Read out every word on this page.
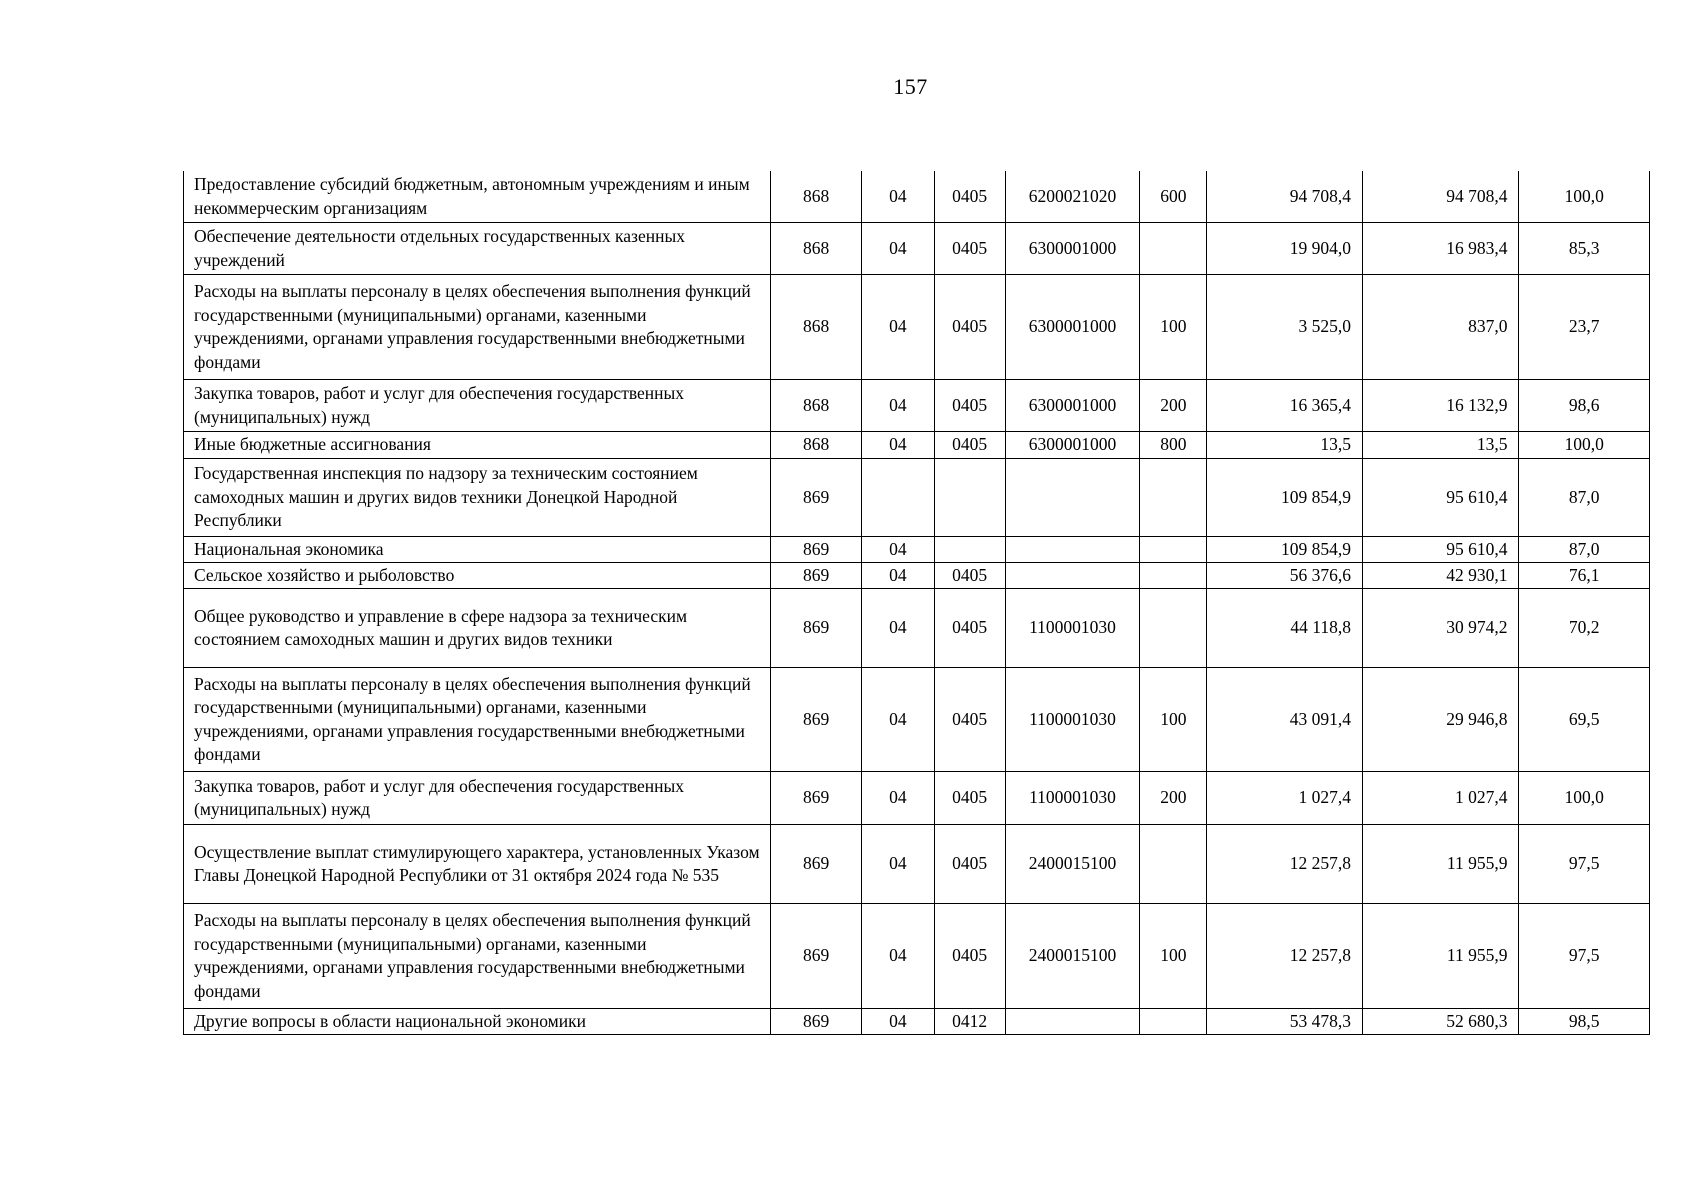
157
Предоставление субсидий бюджетным, автономным учреждениям и иным некоммерческим организациям	868	04	0405	6200021020	600	94 708,4	94 708,4	100,0
Обеспечение деятельности отдельных государственных казенных учреждений	868	04	0405	6300001000		19 904,0	16 983,4	85,3
Расходы на выплаты персоналу в целях обеспечения выполнения функций государственными (муниципальными) органами, казенными учреждениями, органами управления государственными внебюджетными фондами	868	04	0405	6300001000	100	3 525,0	837,0	23,7
Закупка товаров, работ и услуг для обеспечения государственных (муниципальных) нужд	868	04	0405	6300001000	200	16 365,4	16 132,9	98,6
Иные бюджетные ассигнования	868	04	0405	6300001000	800	13,5	13,5	100,0
Государственная инспекция по надзору за техническим состоянием самоходных машин и других видов техники Донецкой Народной Республики	869					109 854,9	95 610,4	87,0
Национальная экономика	869	04				109 854,9	95 610,4	87,0
Сельское хозяйство и рыболовство	869	04	0405			56 376,6	42 930,1	76,1
Общее руководство и управление в сфере надзора за техническим состоянием самоходных машин и других видов техники	869	04	0405	1100001030		44 118,8	30 974,2	70,2
Расходы на выплаты персоналу в целях обеспечения выполнения функций государственными (муниципальными) органами, казенными учреждениями, органами управления государственными внебюджетными фондами	869	04	0405	1100001030	100	43 091,4	29 946,8	69,5
Закупка товаров, работ и услуг для обеспечения государственных (муниципальных) нужд	869	04	0405	1100001030	200	1 027,4	1 027,4	100,0
Осуществление выплат стимулирующего характера, установленных Указом Главы Донецкой Народной Республики от 31 октября 2024 года № 535	869	04	0405	2400015100		12 257,8	11 955,9	97,5
Расходы на выплаты персоналу в целях обеспечения выполнения функций государственными (муниципальными) органами, казенными учреждениями, органами управления государственными внебюджетными фондами	869	04	0405	2400015100	100	12 257,8	11 955,9	97,5
Другие вопросы в области национальной экономики	869	04	0412			53 478,3	52 680,3	98,5
